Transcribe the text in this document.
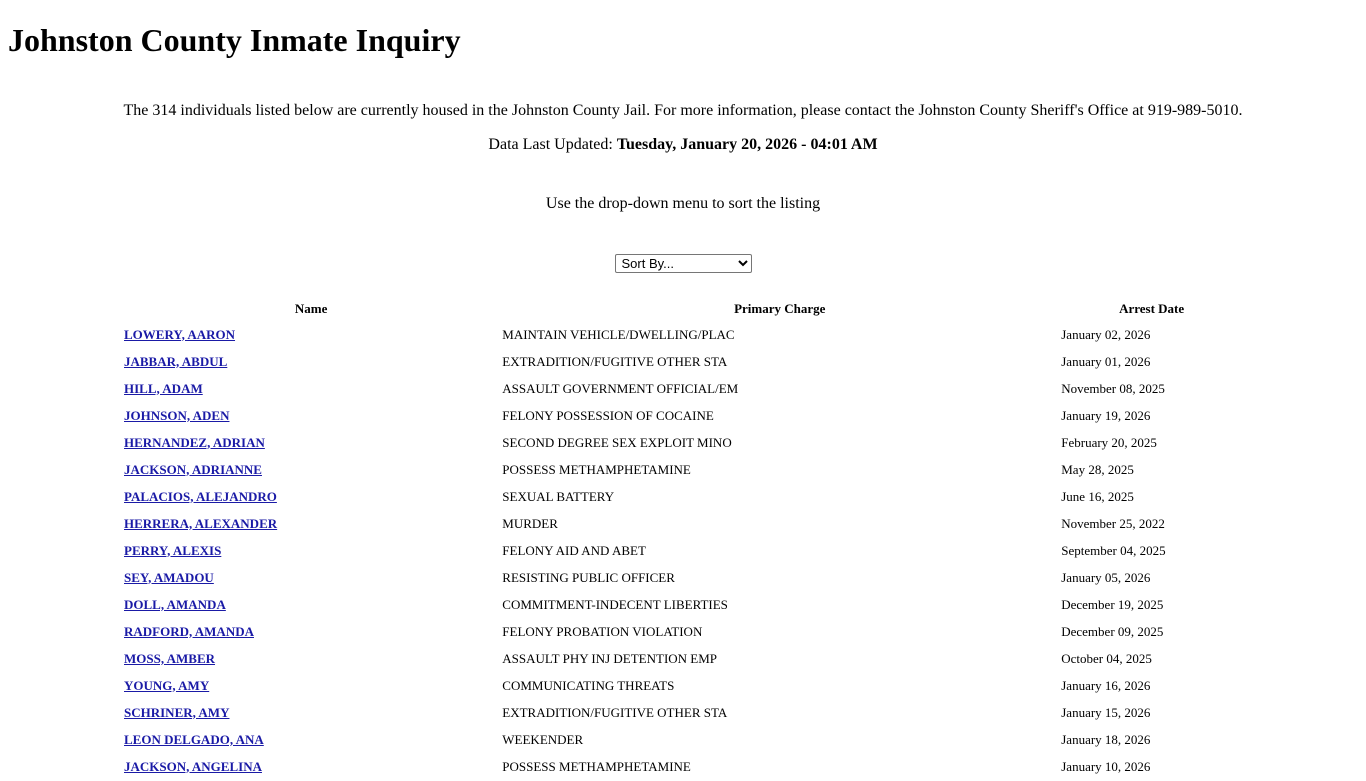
Johnston County Inmate Inquiry
The 314 individuals listed below are currently housed in the Johnston County Jail. For more information, please contact the Johnston County Sheriff's Office at 919-989-5010.
Data Last Updated: Tuesday, January 20, 2026 - 04:01 AM
Use the drop-down menu to sort the listing
Sort By...
Name	Primary Charge	Arrest Date
LOWERY, AARON	MAINTAIN VEHICLE/DWELLING/PLAC	January 02, 2026
JABBAR, ABDUL	EXTRADITION/FUGITIVE OTHER STA	January 01, 2026
HILL, ADAM	ASSAULT GOVERNMENT OFFICIAL/EM	November 08, 2025
JOHNSON, ADEN	FELONY POSSESSION OF COCAINE	January 19, 2026
HERNANDEZ, ADRIAN	SECOND DEGREE SEX EXPLOIT MINO	February 20, 2025
JACKSON, ADRIANNE	POSSESS METHAMPHETAMINE	May 28, 2025
PALACIOS, ALEJANDRO	SEXUAL BATTERY	June 16, 2025
HERRERA, ALEXANDER	MURDER	November 25, 2022
PERRY, ALEXIS	FELONY AID AND ABET	September 04, 2025
SEY, AMADOU	RESISTING PUBLIC OFFICER	January 05, 2026
DOLL, AMANDA	COMMITMENT-INDECENT LIBERTIES	December 19, 2025
RADFORD, AMANDA	FELONY PROBATION VIOLATION	December 09, 2025
MOSS, AMBER	ASSAULT PHY INJ DETENTION EMP	October 04, 2025
YOUNG, AMY	COMMUNICATING THREATS	January 16, 2026
SCHRINER, AMY	EXTRADITION/FUGITIVE OTHER STA	January 15, 2026
LEON DELGADO, ANA	WEEKENDER	January 18, 2026
JACKSON, ANGELINA	POSSESS METHAMPHETAMINE	January 10, 2026
